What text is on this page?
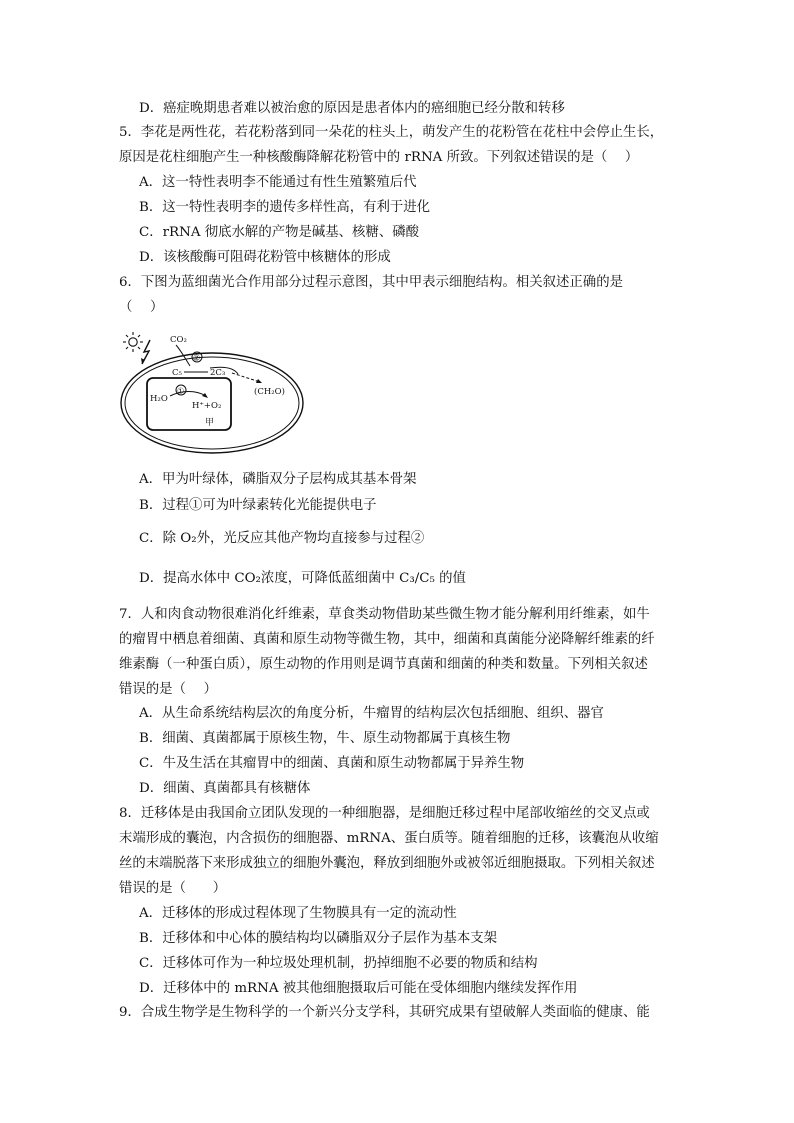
D．癌症晚期患者难以被治愈的原因是患者体内的癌细胞已经分散和转移
5．李花是两性花，若花粉落到同一朵花的柱头上，萌发产生的花粉管在花柱中会停止生长，
原因是花柱细胞产生一种核酸酶降解花粉管中的 rRNA 所致。下列叙述错误的是（　 ）
A．这一特性表明李不能通过有性生殖繁殖后代
B．这一特性表明李的遗传多样性高，有利于进化
C．rRNA 彻底水解的产物是碱基、核糖、磷酸
D．该核酸酶可阻碍花粉管中核糖体的形成
6．下图为蓝细菌光合作用部分过程示意图，其中甲表示细胞结构。相关叙述正确的是
（　 ）
CO₂
②
C₅	2C₃
(CH₂O)
①
H₂O
H⁺+O₂
甲
A．甲为叶绿体，磷脂双分子层构成其基本骨架
B．过程①可为叶绿素转化光能提供电子
C．除 O₂外，光反应其他产物均直接参与过程②
D．提高水体中 CO₂浓度，可降低蓝细菌中 C₃/C₅ 的值
7．人和肉食动物很难消化纤维素，草食类动物借助某些微生物才能分解利用纤维素，如牛
的瘤胃中栖息着细菌、真菌和原生动物等微生物，其中，细菌和真菌能分泌降解纤维素的纤
维素酶（一种蛋白质），原生动物的作用则是调节真菌和细菌的种类和数量。下列相关叙述
错误的是（　 ）
A．从生命系统结构层次的角度分析，牛瘤胃的结构层次包括细胞、组织、器官
B．细菌、真菌都属于原核生物，牛、原生动物都属于真核生物
C．牛及生活在其瘤胃中的细菌、真菌和原生动物都属于异养生物
D．细菌、真菌都具有核糖体
8．迁移体是由我国俞立团队发现的一种细胞器，是细胞迁移过程中尾部收缩丝的交叉点或
末端形成的囊泡，内含损伤的细胞器、mRNA、蛋白质等。随着细胞的迁移，该囊泡从收缩
丝的末端脱落下来形成独立的细胞外囊泡，释放到细胞外或被邻近细胞摄取。下列相关叙述
错误的是（　　）
A．迁移体的形成过程体现了生物膜具有一定的流动性
B．迁移体和中心体的膜结构均以磷脂双分子层作为基本支架
C．迁移体可作为一种垃圾处理机制，扔掉细胞不必要的物质和结构
D．迁移体中的 mRNA 被其他细胞摄取后可能在受体细胞内继续发挥作用
9．合成生物学是生物科学的一个新兴分支学科，其研究成果有望破解人类面临的健康、能
